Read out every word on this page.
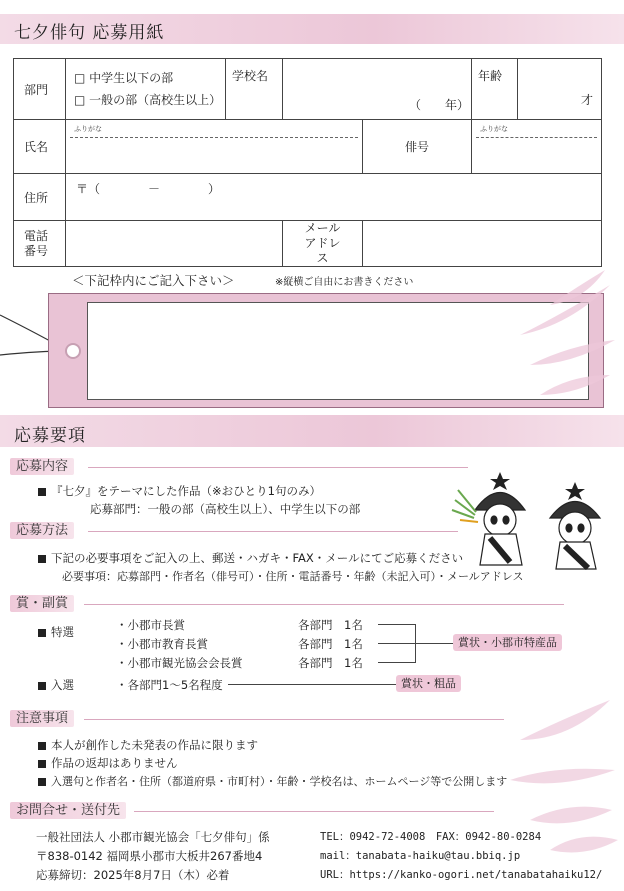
七夕俳句 応募用紙
部門	□ 中学生以下の部
□ 一般の部（高校生以上）	学校名	（　　年）		年齢	才

氏名	ふりがな			俳号	ふりがな	

住所	〒（　　　　－　　　　）					

電話番号			メールアドレス			
＜下記枠内にご記入下さい＞	※縦横ご自由にお書きください
応募要項
応募内容
『七夕』をテーマにした作品（※おひとり1句のみ）
応募部門：一般の部（高校生以上）、中学生以下の部
応募方法
下記の必要事項をご記入の上、郵送・ハガキ・FAX・メールにてご応募ください
必要事項：応募部門・作者名（俳号可）・住所・電話番号・年齢（未記入可）・メールアドレス
賞・副賞
特選	・小郡市長賞	各部門　1名
・小郡市教育長賞	各部門　1名
・小郡市観光協会会長賞	各部門　1名
賞状・小郡市特産品
入選	・各部門1～5名程度	賞状・粗品
注意事項
本人が創作した未発表の作品に限ります
作品の返却はありません
入選句と作者名・住所（都道府県・市町村）・年齢・学校名は、ホームページ等で公開します
お問合せ・送付先
一般社団法人 小郡市観光協会「七夕俳句」係
〒838-0142 福岡県小郡市大板井267番地4
応募締切：2025年8月7日（木）必着
TEL：0942-72-4008　FAX：0942-80-0284
mail：tanabata-haiku@tau.bbiq.jp
URL：https://kanko-ogori.net/tanabatahaiku12/
